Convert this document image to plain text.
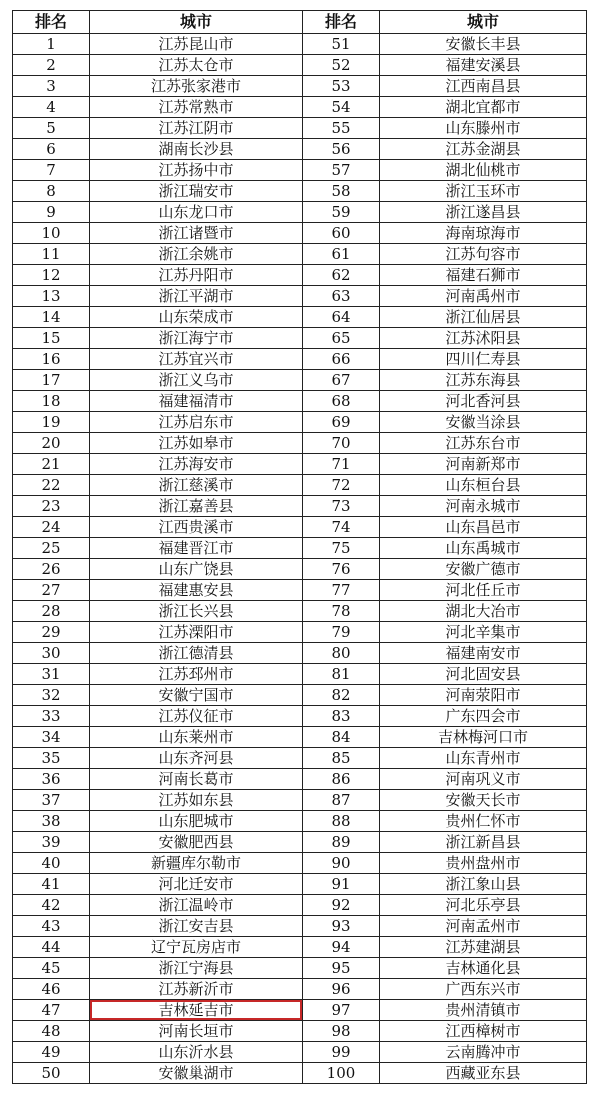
排名	城市	排名	城市
1	江苏昆山市	51	安徽长丰县
2	江苏太仓市	52	福建安溪县
3	江苏张家港市	53	江西南昌县
4	江苏常熟市	54	湖北宜都市
5	江苏江阴市	55	山东滕州市
6	湖南长沙县	56	江苏金湖县
7	江苏扬中市	57	湖北仙桃市
8	浙江瑞安市	58	浙江玉环市
9	山东龙口市	59	浙江遂昌县
10	浙江诸暨市	60	海南琼海市
11	浙江余姚市	61	江苏句容市
12	江苏丹阳市	62	福建石狮市
13	浙江平湖市	63	河南禹州市
14	山东荣成市	64	浙江仙居县
15	浙江海宁市	65	江苏沭阳县
16	江苏宜兴市	66	四川仁寿县
17	浙江义乌市	67	江苏东海县
18	福建福清市	68	河北香河县
19	江苏启东市	69	安徽当涂县
20	江苏如皋市	70	江苏东台市
21	江苏海安市	71	河南新郑市
22	浙江慈溪市	72	山东桓台县
23	浙江嘉善县	73	河南永城市
24	江西贵溪市	74	山东昌邑市
25	福建晋江市	75	山东禹城市
26	山东广饶县	76	安徽广德市
27	福建惠安县	77	河北任丘市
28	浙江长兴县	78	湖北大冶市
29	江苏溧阳市	79	河北辛集市
30	浙江德清县	80	福建南安市
31	江苏邳州市	81	河北固安县
32	安徽宁国市	82	河南荥阳市
33	江苏仪征市	83	广东四会市
34	山东莱州市	84	吉林梅河口市
35	山东齐河县	85	山东青州市
36	河南长葛市	86	河南巩义市
37	江苏如东县	87	安徽天长市
38	山东肥城市	88	贵州仁怀市
39	安徽肥西县	89	浙江新昌县
40	新疆库尔勒市	90	贵州盘州市
41	河北迁安市	91	浙江象山县
42	浙江温岭市	92	河北乐亭县
43	浙江安吉县	93	河南孟州市
44	辽宁瓦房店市	94	江苏建湖县
45	浙江宁海县	95	吉林通化县
46	江苏新沂市	96	广西东兴市
47	吉林延吉市	97	贵州清镇市
48	河南长垣市	98	江西樟树市
49	山东沂水县	99	云南腾冲市
50	安徽巢湖市	100	西藏亚东县
